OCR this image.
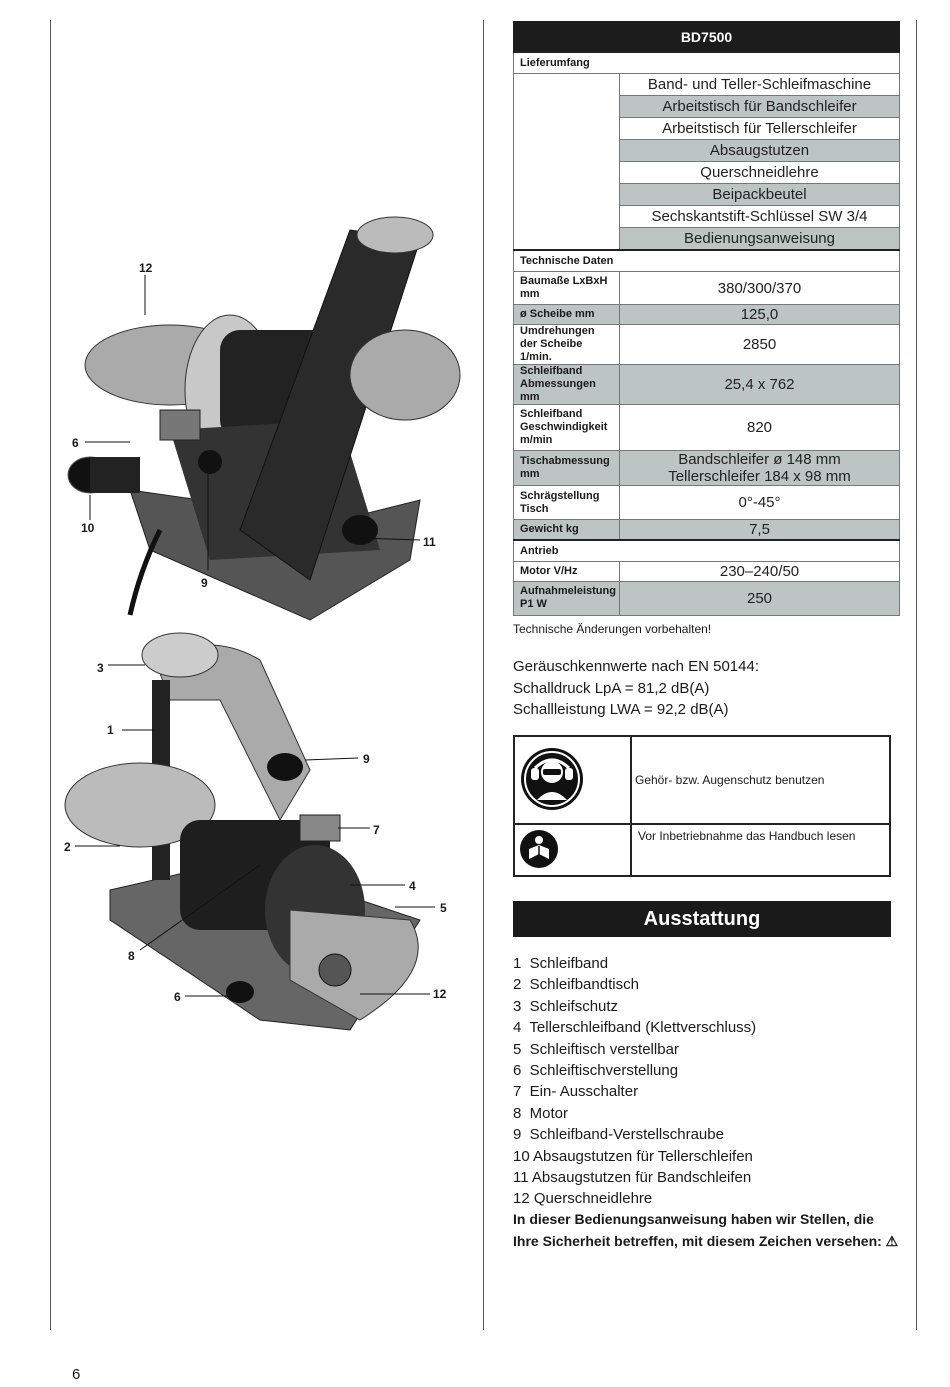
12
6
10
9
11
3
1
9
7
2
4
5
8
6	12
BD7500	
Lieferumfang	
	Band- und Teller-Schleifmaschine
	Arbeitstisch für Bandschleifer
	Arbeitstisch für Tellerschleifer
	Absaugstutzen
	Querschneidlehre
	Beipackbeutel
	Sechskantstift-Schlüssel SW 3/4
	Bedienungsanweisung
Technische Daten	
Baumaße LxBxH mm	380/300/370
ø Scheibe mm	125,0
Umdrehungen der Scheibe 1/min.	2850
Schleifband Abmessungen mm	25,4 x 762
Schleifband Geschwindigkeit m/min	820
Tischabmessung mm	Bandschleifer ø 148 mm
Tellerschleifer 184 x 98 mm

Schrägstellung Tisch	0°-45°
Gewicht kg	7,5
Antrieb	
Motor V/Hz	230–240/50
Aufnahmeleistung P1 W	250
Technische Änderungen vorbehalten!
Geräuschkennwerte nach EN 50144:
Schalldruck LpA = 81,2 dB(A)
Schallleistung LWA = 92,2 dB(A)
	Gehör- bzw. Augenschutz benutzen
	Vor Inbetriebnahme das Handbuch lesen
Ausstattung
1  Schleifband
2  Schleifbandtisch
3  Schleifschutz
4  Tellerschleifband (Klettverschluss)
5  Schleiftisch verstellbar
6  Schleiftischverstellung
7  Ein- Ausschalter
8  Motor
9  Schleifband-Verstellschraube
10 Absaugstutzen für Tellerschleifen
11 Absaugstutzen für Bandschleifen
12 Querschneidlehre
In dieser Bedienungsanweisung haben wir Stellen, die Ihre Sicherheit betreffen, mit diesem Zeichen versehen: ⚠
6
